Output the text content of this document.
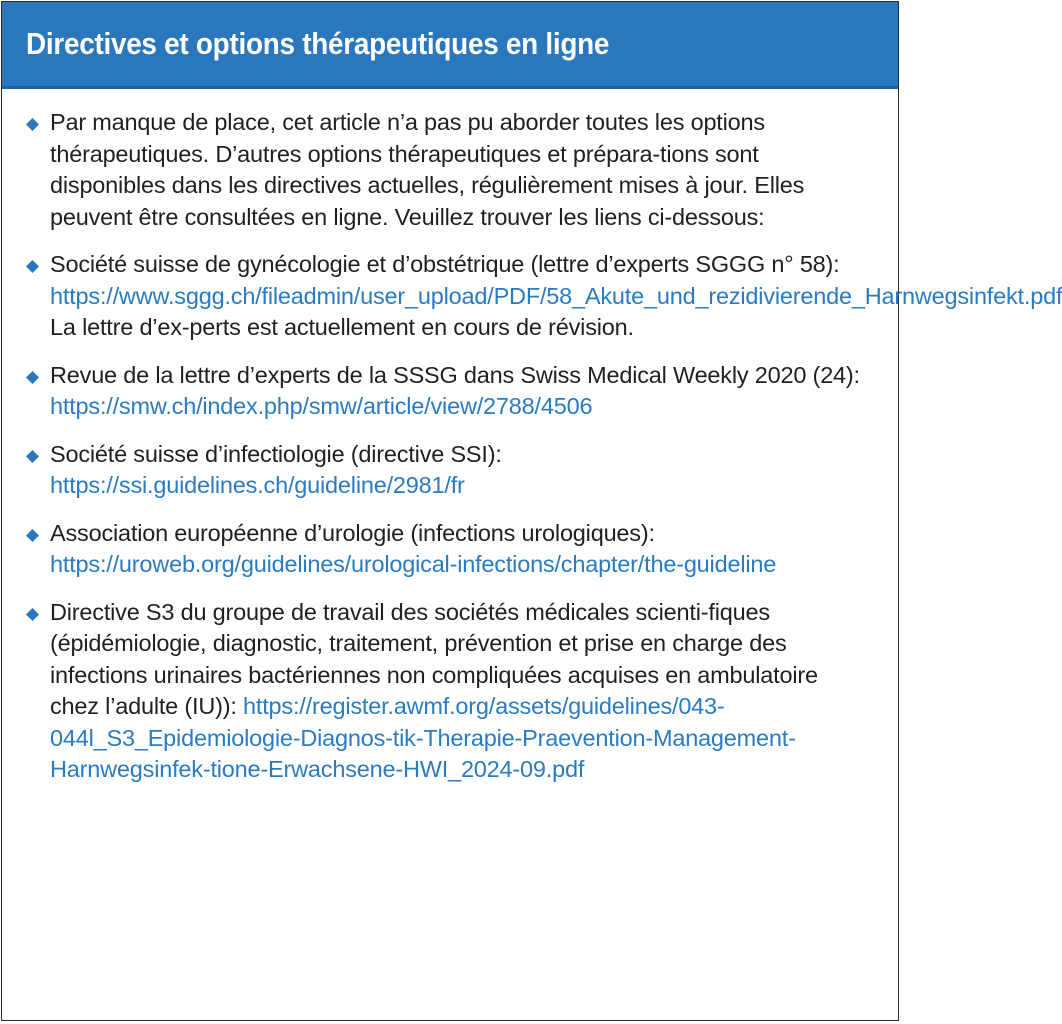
Directives et options thérapeutiques en ligne
Par manque de place, cet article n’a pas pu aborder toutes les options thérapeutiques. D’autres options thérapeutiques et prépara-tions sont disponibles dans les directives actuelles, régulièrement mises à jour. Elles peuvent être consultées en ligne. Veuillez trouver les liens ci-dessous:
Société suisse de gynécologie et d’obstétrique (lettre d’experts SGGG n° 58): https://www.sggg.ch/fileadmin/user_upload/PDF/58_Akute_und_rezidivierende_Harnwegsinfekt.pdf La lettre d’ex-perts est actuellement en cours de révision.
Revue de la lettre d’experts de la SSSG dans Swiss Medical Weekly 2020 (24): https://smw.ch/index.php/smw/article/view/2788/4506
Société suisse d’infectiologie (directive SSI): https://ssi.guidelines.ch/guideline/2981/fr
Association européenne d’urologie (infections urologiques): https://uroweb.org/guidelines/urological-infections/chapter/the-guideline
Directive S3 du groupe de travail des sociétés médicales scienti-fiques (épidémiologie, diagnostic, traitement, prévention et prise en charge des infections urinaires bactériennes non compliquées acquises en ambulatoire chez l’adulte (IU)): https://register.awmf.org/assets/guidelines/043-044l_S3_Epidemiologie-Diagnos-tik-Therapie-Praevention-Management-Harnwegsinfek-tione-Erwachsene-HWI_2024-09.pdf
